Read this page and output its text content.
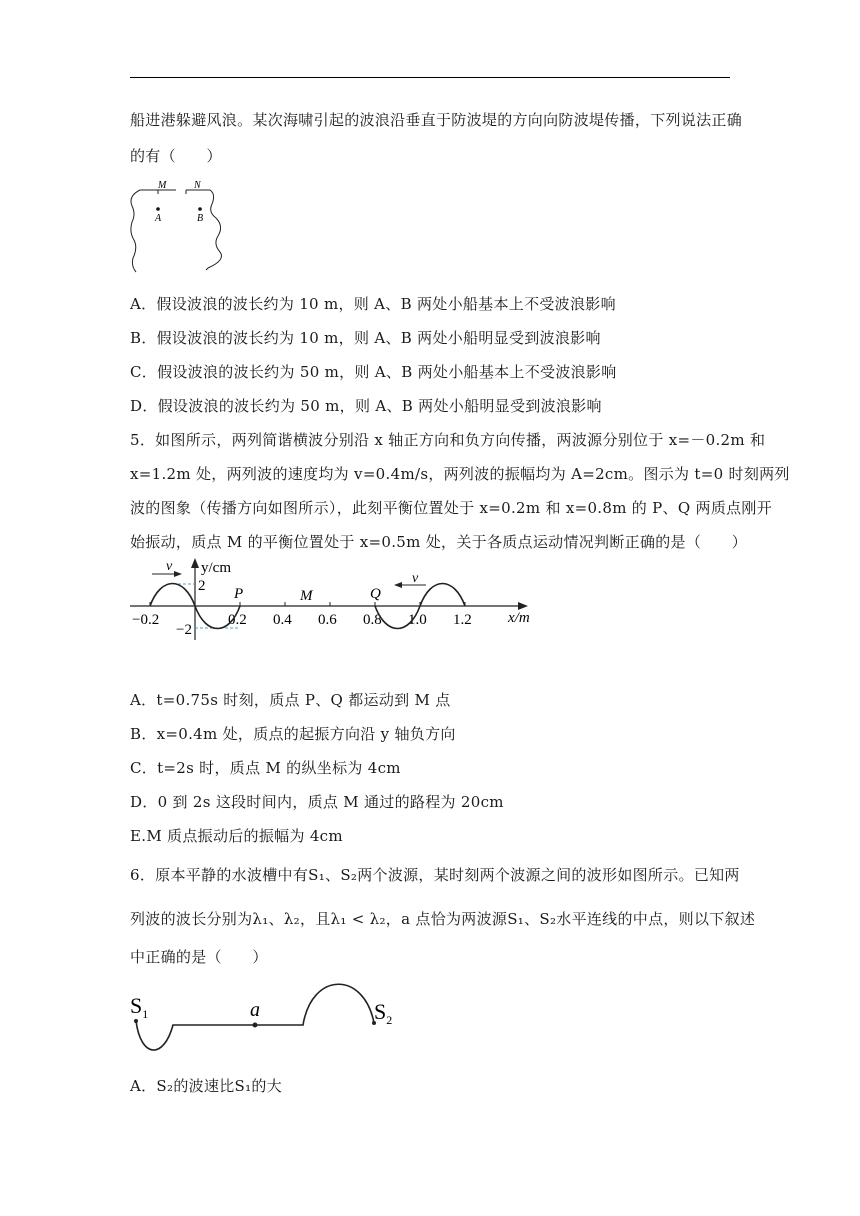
船进港躲避风浪。某次海啸引起的波浪沿垂直于防波堤的方向向防波堤传播，下列说法正确
的有（　　）
M	N
A	B
A．假设波浪的波长约为 10 m，则 A、B 两处小船基本上不受波浪影响
B．假设波浪的波长约为 10 m，则 A、B 两处小船明显受到波浪影响
C．假设波浪的波长约为 50 m，则 A、B 两处小船基本上不受波浪影响
D．假设波浪的波长约为 50 m，则 A、B 两处小船明显受到波浪影响
5．如图所示，两列简谐横波分别沿 x 轴正方向和负方向传播，两波源分别位于 x=－0.2m 和
x=1.2m 处，两列波的速度均为 v=0.4m/s，两列波的振幅均为 A=2cm。图示为 t=0 时刻两列
波的图象（传播方向如图所示），此刻平衡位置处于 x=0.2m 和 x=0.8m 的 P、Q 两质点刚开
始振动，质点 M 的平衡位置处于 x=0.5m 处，关于各质点运动情况判断正确的是（　　）
y/cm
x/m
2
−2
−0.2	0.2 0.4 0.6 0.8 1.0 1.2
P	M	Q
v
v
A．t=0.75s 时刻，质点 P、Q 都运动到 M 点
B．x=0.4m 处，质点的起振方向沿 y 轴负方向
C．t=2s 时，质点 M 的纵坐标为 4cm
D．0 到 2s 这段时间内，质点 M 通过的路程为 20cm
E.M 质点振动后的振幅为 4cm
6．原本平静的水波槽中有S₁、S₂两个波源，某时刻两个波源之间的波形如图所示。已知两
列波的波长分别为λ₁、λ₂，且λ₁ < λ₂，a 点恰为两波源S₁、S₂水平连线的中点，则以下叙述
中正确的是（　　）
$S_1$	a	$S_2$
A．S₂的波速比S₁的大
